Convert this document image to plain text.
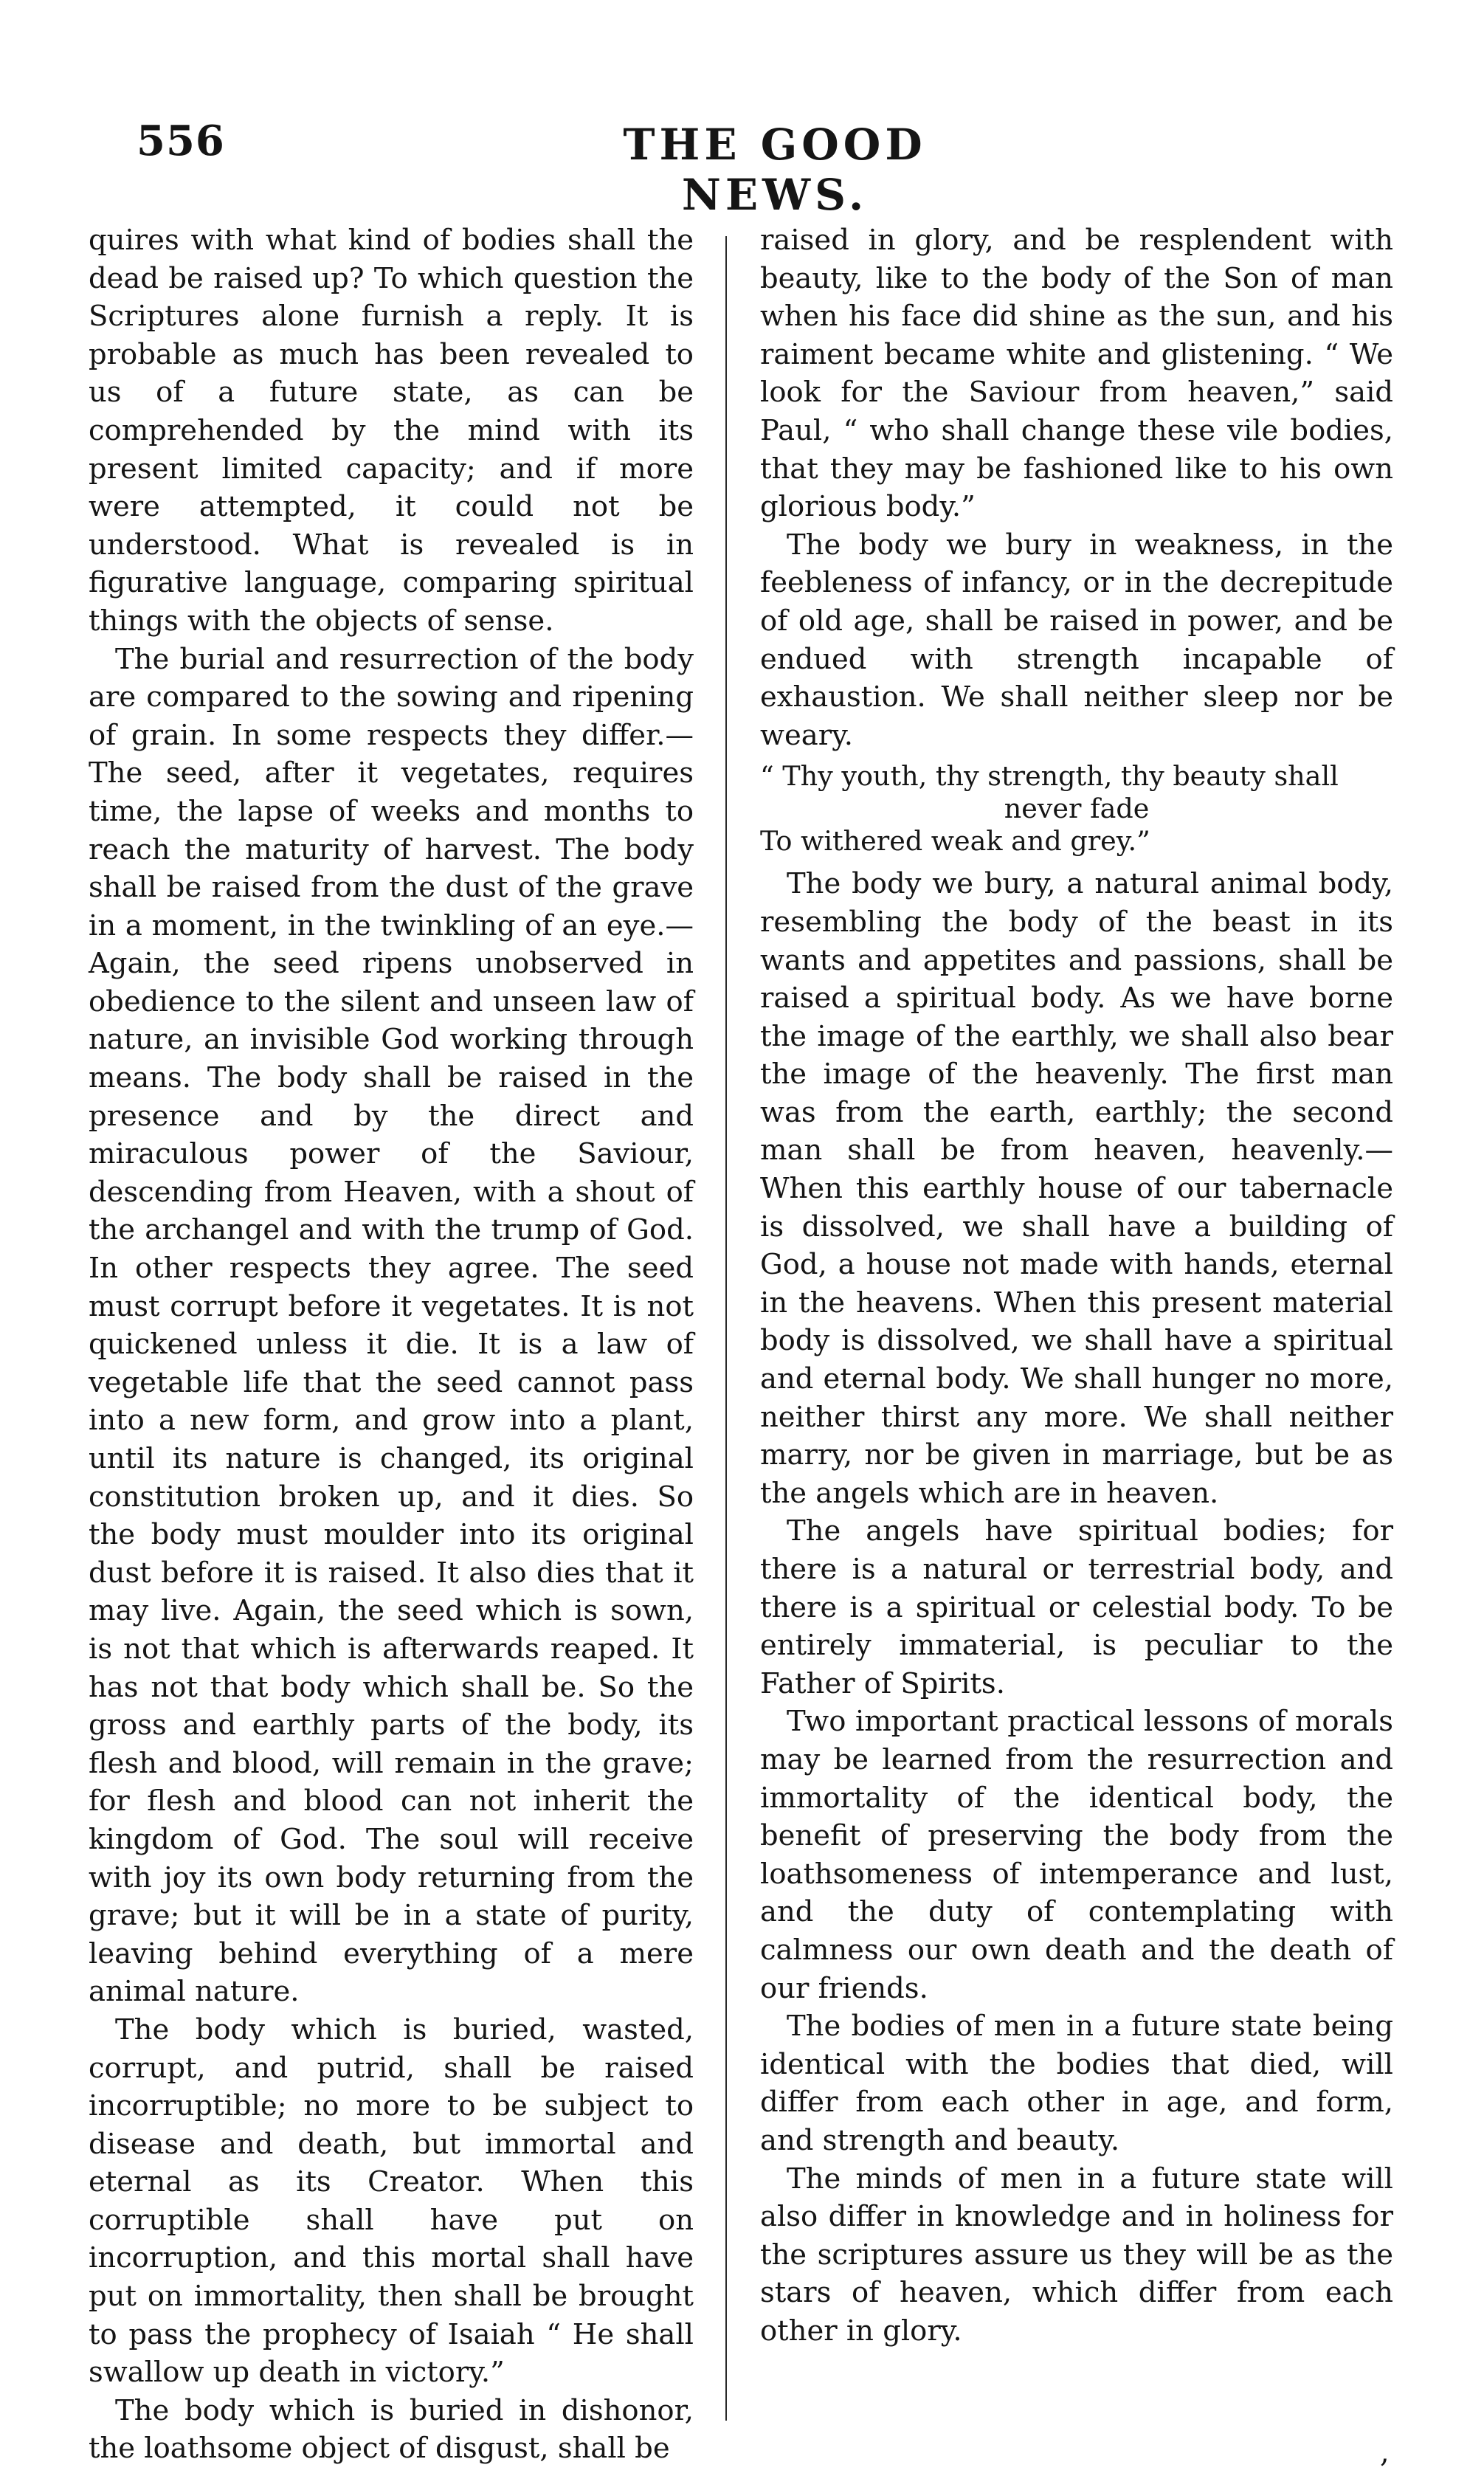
556	THE GOOD NEWS.

quires with what kind of bodies shall the dead be raised up? To which question the Scriptures alone furnish a reply. It is probable as much has been revealed to us of a future state, as can be comprehended by the mind with its present limited capacity; and if more were attempted, it could not be understood. What is revealed is in figurative language, comparing spiritual things with the objects of sense.

The burial and resurrection of the body are compared to the sowing and ripening of grain. In some respects they differ.—The seed, after it vegetates, requires time, the lapse of weeks and months to reach the maturity of harvest. The body shall be raised from the dust of the grave in a moment, in the twinkling of an eye.—Again, the seed ripens unobserved in obedience to the silent and unseen law of nature, an invisible God working through means. The body shall be raised in the presence and by the direct and miraculous power of the Saviour, descending from Heaven, with a shout of the archangel and with the trump of God. In other respects they agree. The seed must corrupt before it vegetates. It is not quickened unless it die. It is a law of vegetable life that the seed cannot pass into a new form, and grow into a plant, until its nature is changed, its original constitution broken up, and it dies. So the body must moulder into its original dust before it is raised. It also dies that it may live. Again, the seed which is sown, is not that which is afterwards reaped. It has not that body which shall be. So the gross and earthly parts of the body, its flesh and blood, will remain in the grave; for flesh and blood can not inherit the kingdom of God. The soul will receive with joy its own body returning from the grave; but it will be in a state of purity, leaving behind everything of a mere animal nature.

The body which is buried, wasted, corrupt, and putrid, shall be raised incorruptible; no more to be subject to disease and death, but immortal and eternal as its Creator. When this corruptible shall have put on incorruption, and this mortal shall have put on immortality, then shall be brought to pass the prophecy of Isaiah “ He shall swallow up death in victory.”

The body which is buried in dishonor, the loathsome object of disgust, shall be

raised in glory, and be resplendent with beauty, like to the body of the Son of man when his face did shine as the sun, and his raiment became white and glistening. “ We look for the Saviour from heaven,” said Paul, “ who shall change these vile bodies, that they may be fashioned like to his own glorious body.”

The body we bury in weakness, in the feebleness of infancy, or in the decrepitude of old age, shall be raised in power, and be endued with strength incapable of exhaustion. We shall neither sleep nor be weary.

“ Thy youth, thy strength, thy beauty shall
never fade
To withered weak and grey.”

The body we bury, a natural animal body, resembling the body of the beast in its wants and appetites and passions, shall be raised a spiritual body. As we have borne the image of the earthly, we shall also bear the image of the heavenly. The first man was from the earth, earthly; the second man shall be from heaven, heavenly.—When this earthly house of our tabernacle is dissolved, we shall have a building of God, a house not made with hands, eternal in the heavens. When this present material body is dissolved, we shall have a spiritual and eternal body. We shall hunger no more, neither thirst any more. We shall neither marry, nor be given in marriage, but be as the angels which are in heaven.

The angels have spiritual bodies; for there is a natural or terrestrial body, and there is a spiritual or celestial body. To be entirely immaterial, is peculiar to the Father of Spirits.

Two important practical lessons of morals may be learned from the resurrection and immortality of the identical body, the benefit of preserving the body from the loathsomeness of intemperance and lust, and the duty of contemplating with calmness our own death and the death of our friends.

The bodies of men in a future state being identical with the bodies that died, will differ from each other in age, and form, and strength and beauty.

The minds of men in a future state will also differ in knowledge and in holiness for the scriptures assure us they will be as the stars of heaven, which differ from each other in glory.

,
